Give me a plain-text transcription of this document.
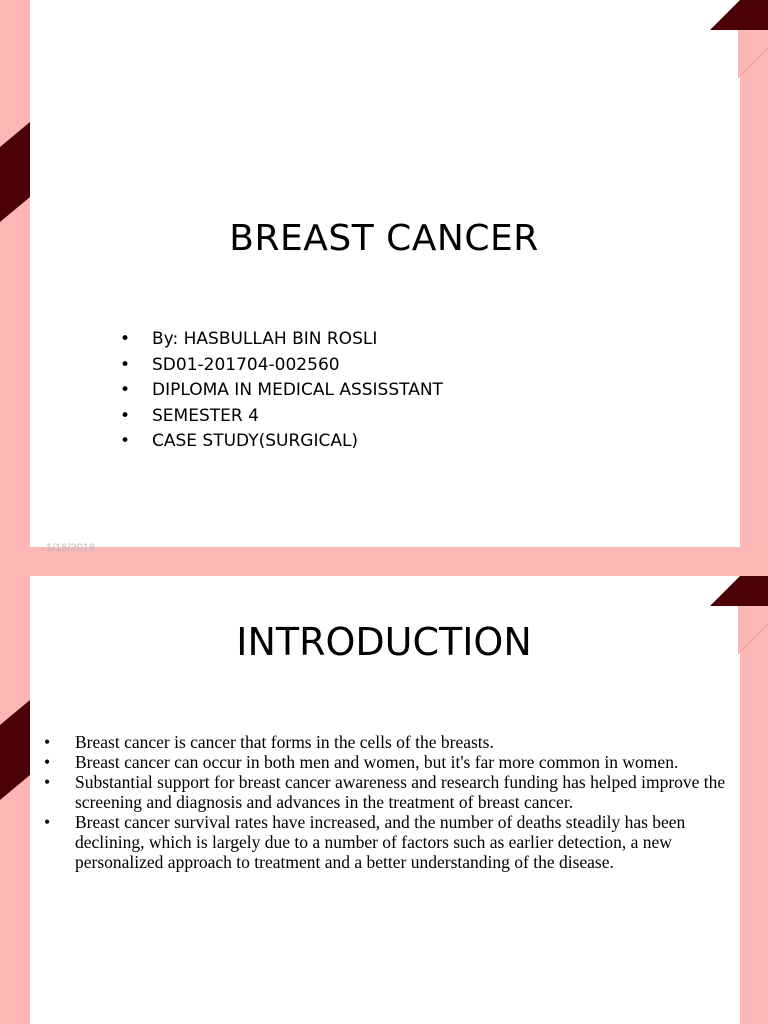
BREAST CANCER
• By: HASBULLAH BIN ROSLI
• SD01-201704-002560
• DIPLOMA IN MEDICAL ASSISSTANT
• SEMESTER 4
• CASE STUDY(SURGICAL)
1/16/2018
INTRODUCTION
• Breast cancer is cancer that forms in the cells of the breasts.
• Breast cancer can occur in both men and women, but it's far more common in women.
• Substantial support for breast cancer awareness and research funding has helped improve the screening and diagnosis and advances in the treatment of breast cancer.
• Breast cancer survival rates have increased, and the number of deaths steadily has been declining, which is largely due to a number of factors such as earlier detection, a new personalized approach to treatment and a better understanding of the disease.
